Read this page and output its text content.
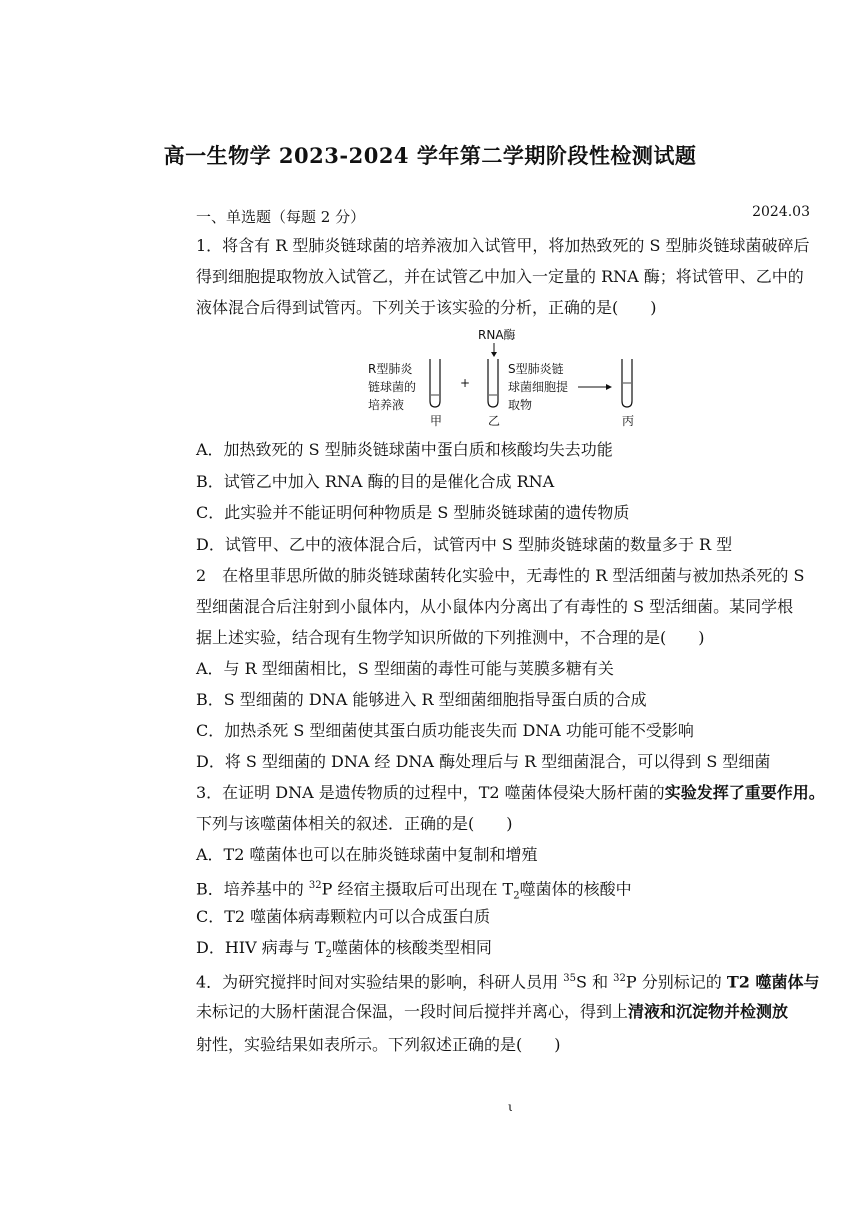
高一生物学 2023-2024 学年第二学期阶段性检测试题
2024.03
一、单选题（每题 2 分）
1．将含有 R 型肺炎链球菌的培养液加入试管甲，将加热致死的 S 型肺炎链球菌破碎后
得到细胞提取物放入试管乙，并在试管乙中加入一定量的 RNA 酶；将试管甲、乙中的
液体混合后得到试管丙。下列关于该实验的分析，正确的是(　　)
RNA酶
R型肺炎
链球菌的
培养液
甲
+
乙
S型肺炎链
球菌细胞提
取物
丙
A．加热致死的 S 型肺炎链球菌中蛋白质和核酸均失去功能
B．试管乙中加入 RNA 酶的目的是催化合成 RNA
C．此实验并不能证明何种物质是 S 型肺炎链球菌的遗传物质
D．试管甲、乙中的液体混合后，试管丙中 S 型肺炎链球菌的数量多于 R 型
2　在格里菲思所做的肺炎链球菌转化实验中，无毒性的 R 型活细菌与被加热杀死的 S
型细菌混合后注射到小鼠体内，从小鼠体内分离出了有毒性的 S 型活细菌。某同学根
据上述实验，结合现有生物学知识所做的下列推测中，不合理的是(　　)
A．与 R 型细菌相比，S 型细菌的毒性可能与荚膜多糖有关
B．S 型细菌的 DNA 能够进入 R 型细菌细胞指导蛋白质的合成
C．加热杀死 S 型细菌使其蛋白质功能丧失而 DNA 功能可能不受影响
D．将 S 型细菌的 DNA 经 DNA 酶处理后与 R 型细菌混合，可以得到 S 型细菌
3．在证明 DNA 是遗传物质的过程中，T2 噬菌体侵染大肠杆菌的实验发挥了重要作用。
下列与该噬菌体相关的叙述．正确的是(　　)
A．T2 噬菌体也可以在肺炎链球菌中复制和增殖
B．培养基中的 $^{32}$P 经宿主摄取后可出现在 $T_2$噬菌体的核酸中
C．T2 噬菌体病毒颗粒内可以合成蛋白质
D．HIV 病毒与 $T_2$噬菌体的核酸类型相同
4．为研究搅拌时间对实验结果的影响，科研人员用 $^{35}$S 和 $^{32}$P 分别标记的 T2 噬菌体与
未标记的大肠杆菌混合保温，一段时间后搅拌并离心，得到上清液和沉淀物并检测放
射性，实验结果如表所示。下列叙述正确的是(　　)
ι
